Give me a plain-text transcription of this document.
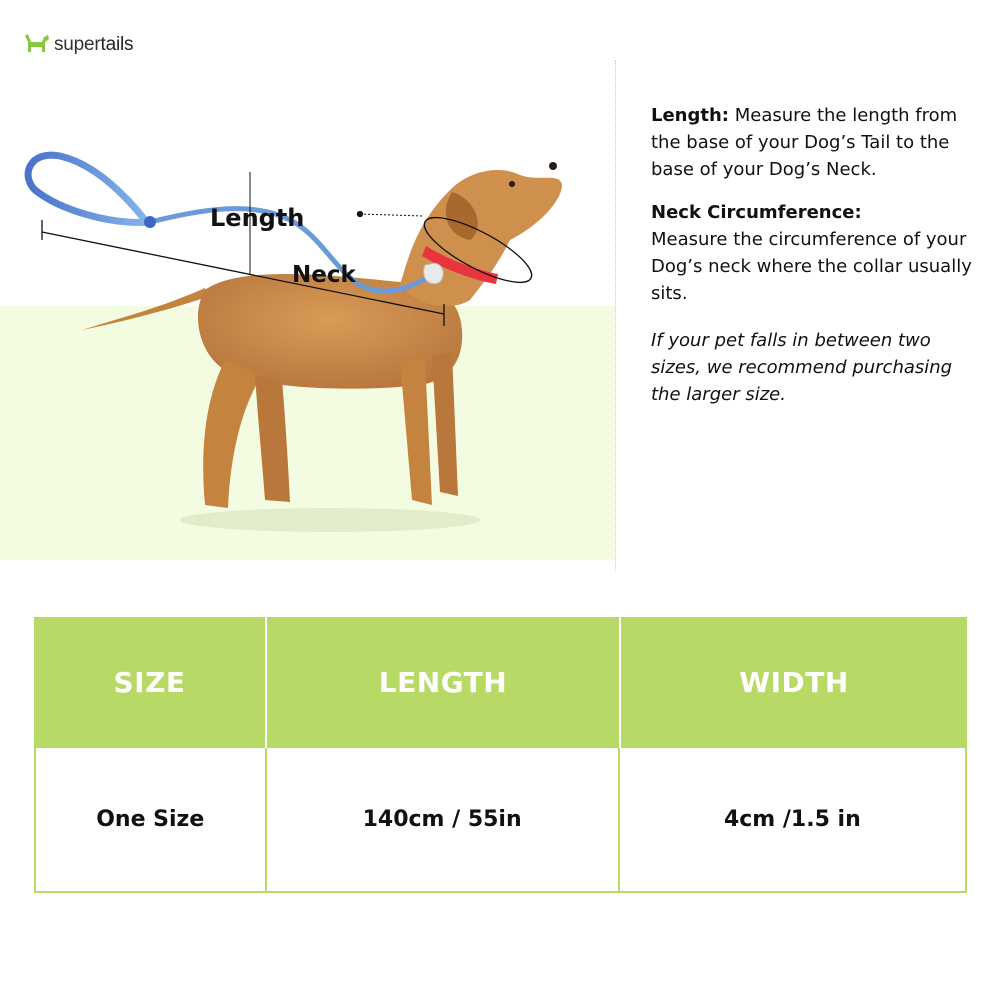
supertails
Length
Neck

Length: Measure the length from the base of your Dog’s Tail to the base of your Dog’s Neck.

Neck Circumference:
Measure the circumference of your Dog’s neck where the collar usually sits.

If your pet falls in between two sizes, we recommend purchasing the larger size.

SIZE	LENGTH	WIDTH
One Size	140cm / 55in	4cm /1.5 in
